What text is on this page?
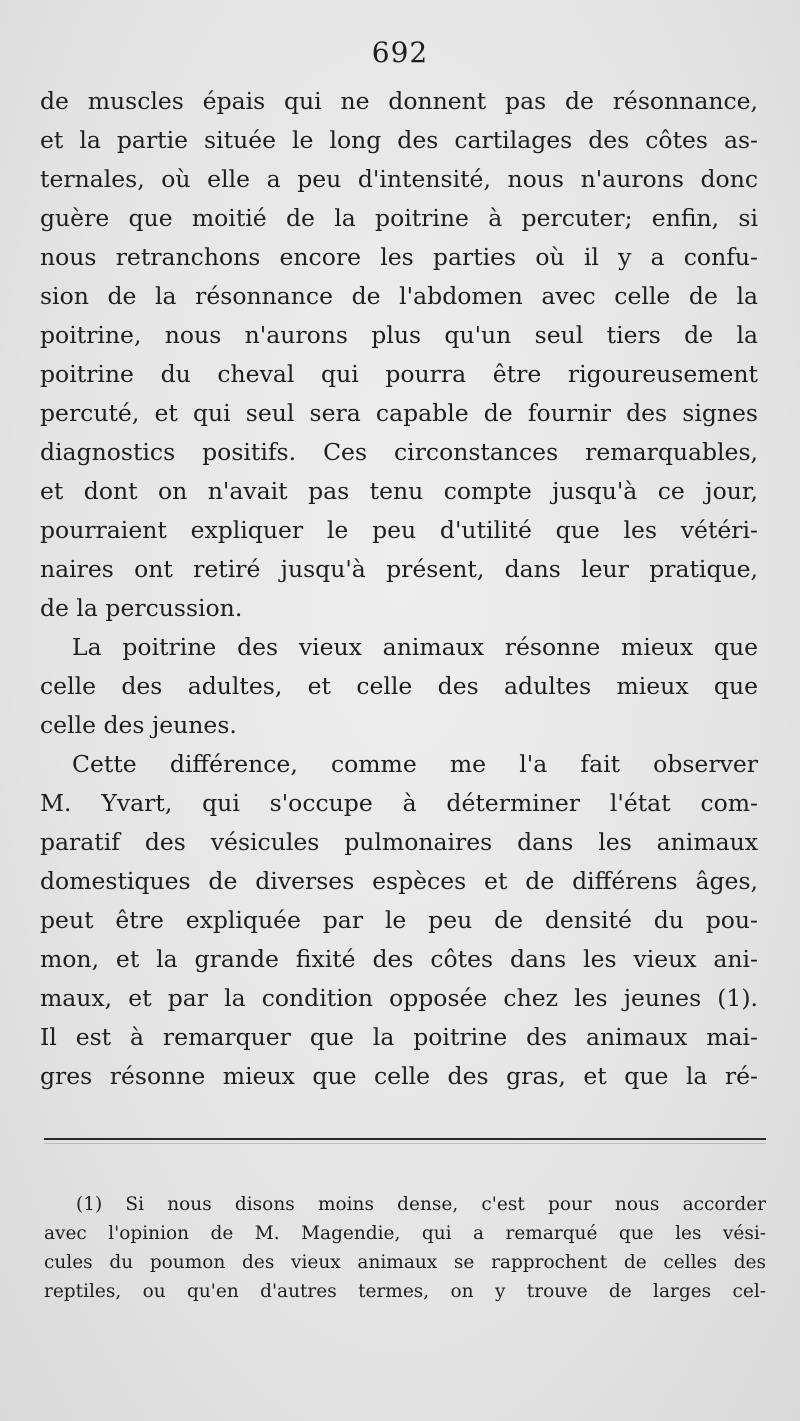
692
de muscles épais qui ne donnent pas de résonnance,
et la partie située le long des cartilages des côtes as-
ternales, où elle a peu d'intensité, nous n'aurons donc
guère que moitié de la poitrine à percuter; enfin, si
nous retranchons encore les parties où il y a confu-
sion de la résonnance de l'abdomen avec celle de la
poitrine, nous n'aurons plus qu'un seul tiers de la
poitrine du cheval qui pourra être rigoureusement
percuté, et qui seul sera capable de fournir des signes
diagnostics positifs. Ces circonstances remarquables,
et dont on n'avait pas tenu compte jusqu'à ce jour,
pourraient expliquer le peu d'utilité que les vétéri-
naires ont retiré jusqu'à présent, dans leur pratique,
de la percussion.
La poitrine des vieux animaux résonne mieux que
celle des adultes, et celle des adultes mieux que
celle des jeunes.
Cette différence, comme me l'a fait observer
M. Yvart, qui s'occupe à déterminer l'état com-
paratif des vésicules pulmonaires dans les animaux
domestiques de diverses espèces et de différens âges,
peut être expliquée par le peu de densité du pou-
mon, et la grande fixité des côtes dans les vieux ani-
maux, et par la condition opposée chez les jeunes (1).
Il est à remarquer que la poitrine des animaux mai-
gres résonne mieux que celle des gras, et que la ré-
(1) Si nous disons moins dense, c'est pour nous accorder
avec l'opinion de M. Magendie, qui a remarqué que les vési-
cules du poumon des vieux animaux se rapprochent de celles des
reptiles, ou qu'en d'autres termes, on y trouve de larges cel-
